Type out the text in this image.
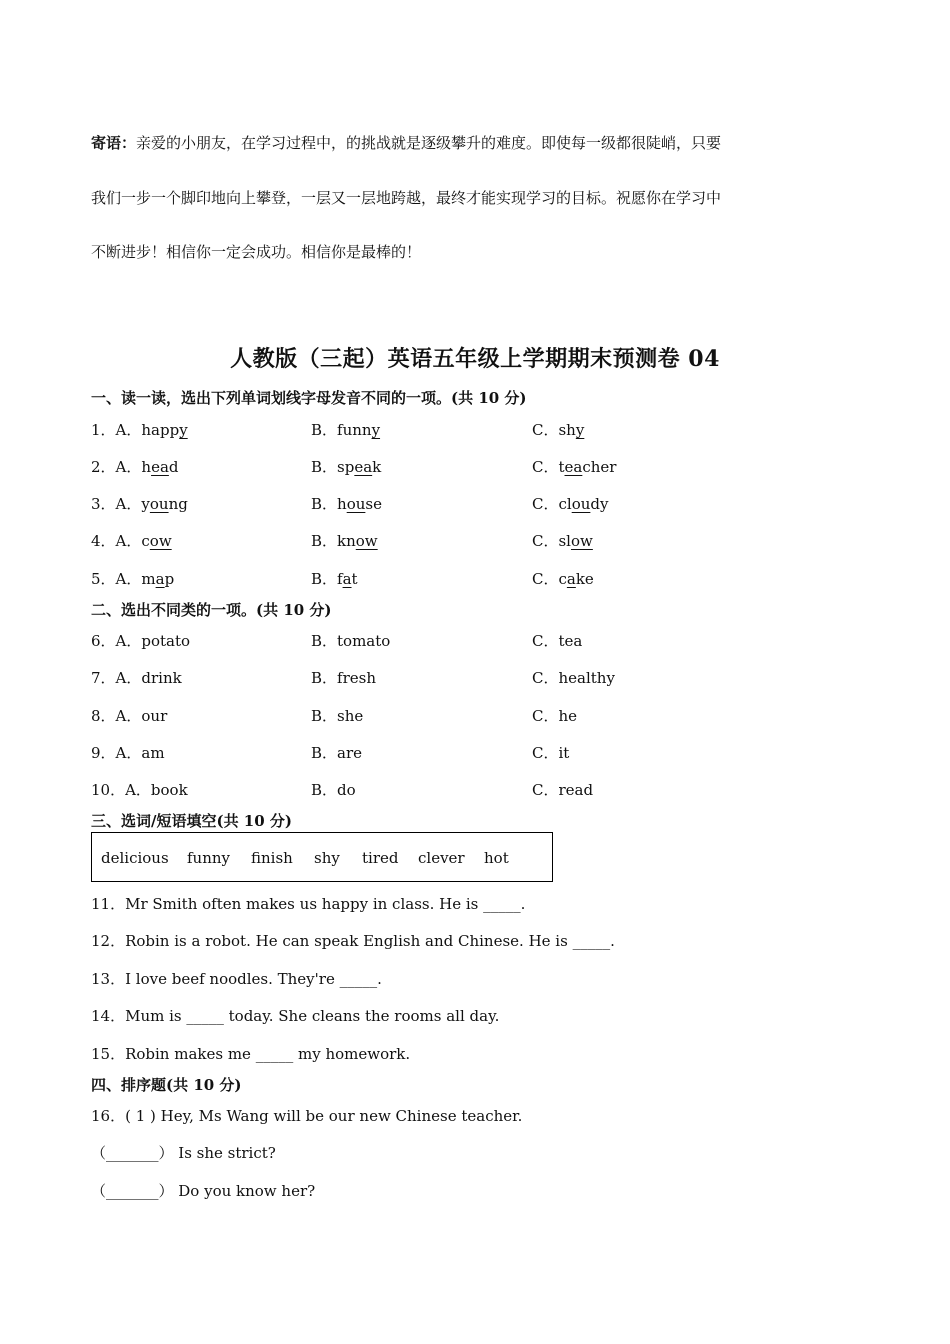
寄语：亲爱的小朋友，在学习过程中，的挑战就是逐级攀升的难度。即使每一级都很陡峭，只要
我们一步一个脚印地向上攀登，一层又一层地跨越，最终才能实现学习的目标。祝愿你在学习中
不断进步！相信你一定会成功。相信你是最棒的！
人教版（三起）英语五年级上学期期末预测卷 04
一、读一读，选出下列单词划线字母发音不同的一项。(共 10 分)
1．A．happy	B．funny	C．shy
2．A．head	B．speak	C．teacher
3．A．young	B．house	C．cloudy
4．A．cow	B．know	C．slow
5．A．map	B．fat	C．cake
二、选出不同类的一项。(共 10 分)
6．A．potato	B．tomato	C．tea
7．A．drink	B．fresh	C．healthy
8．A．our	B．she	C．he
9．A．am	B．are	C．it
10．A．book	B．do	C．read
三、选词/短语填空(共 10 分)
delicious funny finish shy tired clever hot
11．Mr Smith often makes us happy in class. He is _____.
12．Robin is a robot. He can speak English and Chinese. He is _____.
13．I love beef noodles. They're _____.
14．Mum is _____ today. She cleans the rooms all day.
15．Robin makes me _____ my homework.
四、排序题(共 10 分)
16．( 1 ) Hey, Ms Wang will be our new Chinese teacher.
（_______） Is she strict?
（_______） Do you know her?
